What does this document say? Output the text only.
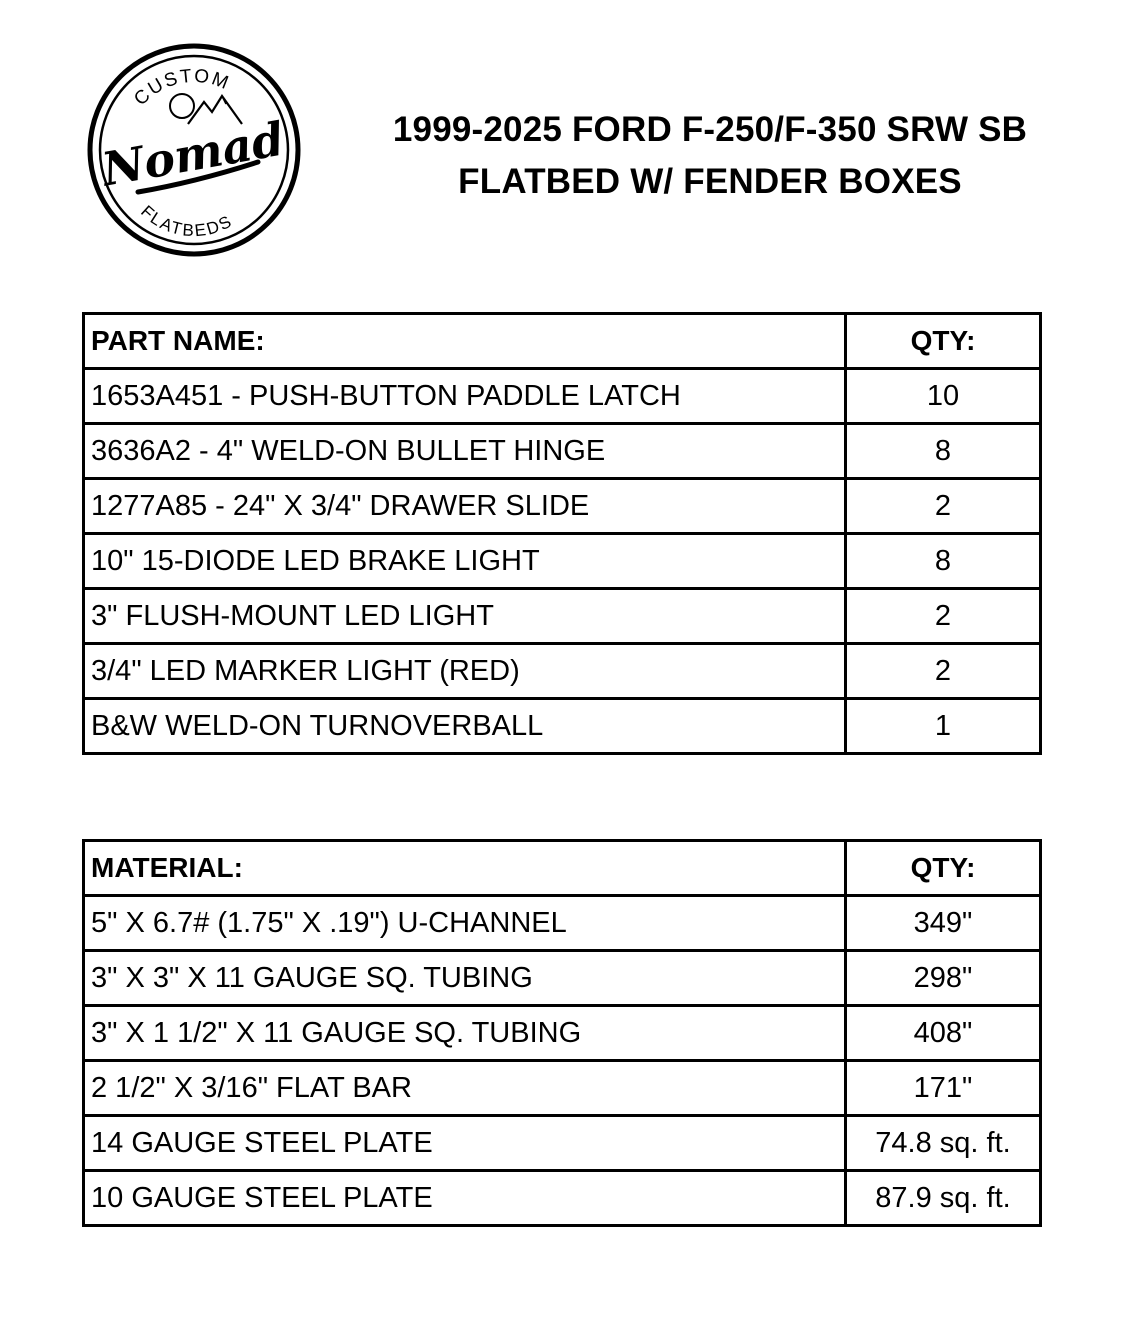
CUSTOM
Nomad
FLATBEDS
1999-2025 FORD F-250/F-350 SRW SB
FLATBED W/ FENDER BOXES
PART NAME:	QTY:
1653A451 - PUSH-BUTTON PADDLE LATCH	10
3636A2 - 4" WELD-ON BULLET HINGE	8
1277A85 - 24" X 3/4" DRAWER SLIDE	2
10" 15-DIODE LED BRAKE LIGHT	8
3" FLUSH-MOUNT LED LIGHT	2
3/4" LED MARKER LIGHT (RED)	2
B&W WELD-ON TURNOVERBALL	1
MATERIAL:	QTY:
5" X 6.7# (1.75" X .19") U-CHANNEL	349"
3" X 3" X 11 GAUGE SQ. TUBING	298"
3" X 1 1/2" X 11 GAUGE SQ. TUBING	408"
2 1/2" X 3/16" FLAT BAR	171"
14 GAUGE STEEL PLATE	74.8 sq. ft.
10 GAUGE STEEL PLATE	87.9 sq. ft.
